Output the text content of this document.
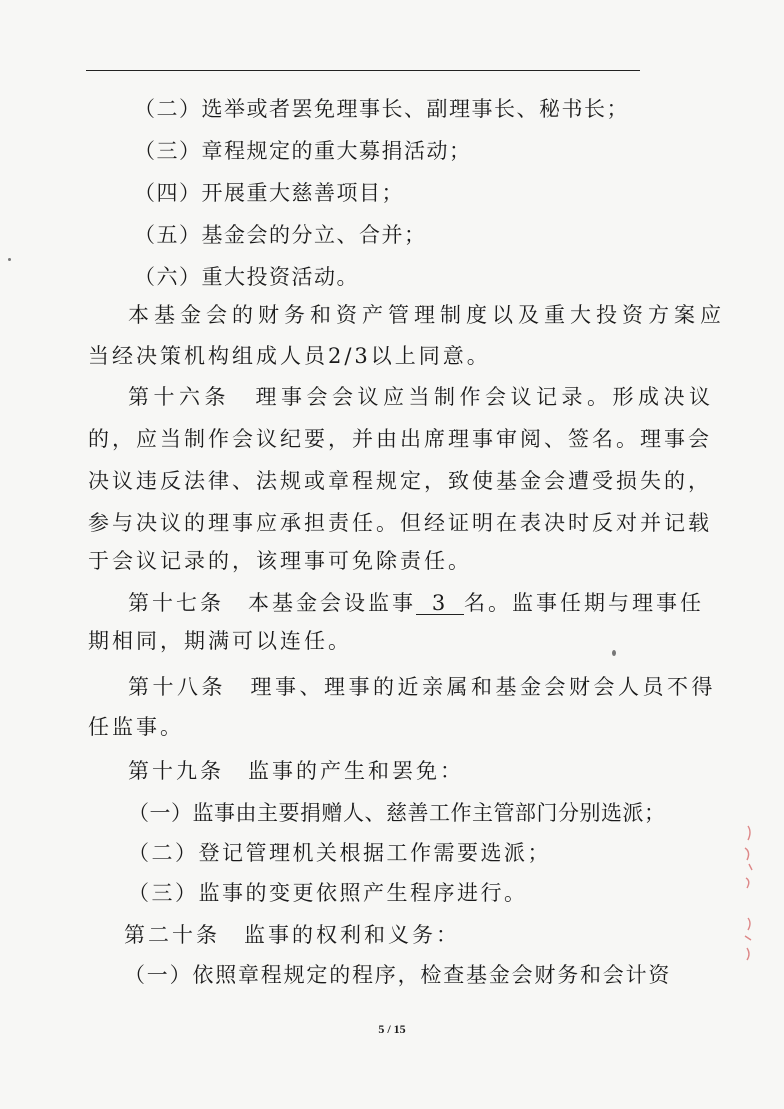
（二）选举或者罢免理事长、副理事长、秘书长；
（三）章程规定的重大募捐活动；
（四）开展重大慈善项目；
（五）基金会的分立、合并；
（六）重大投资活动。
本基金会的财务和资产管理制度以及重大投资方案应
当经决策机构组成人员2/3以上同意。
第十六条　理事会会议应当制作会议记录。形成决议
的，应当制作会议纪要，并由出席理事审阅、签名。理事会
决议违反法律、法规或章程规定，致使基金会遭受损失的，
参与决议的理事应承担责任。但经证明在表决时反对并记载
于会议记录的，该理事可免除责任。
第十七条　本基金会设监事 3 名。监事任期与理事任
期相同，期满可以连任。
第十八条　理事、理事的近亲属和基金会财会人员不得
任监事。
第十九条　监事的产生和罢免：
（一）监事由主要捐赠人、慈善工作主管部门分别选派；
（二）登记管理机关根据工作需要选派；
（三）监事的变更依照产生程序进行。
第二十条　监事的权利和义务：
（一）依照章程规定的程序，检查基金会财务和会计资
5 / 15
